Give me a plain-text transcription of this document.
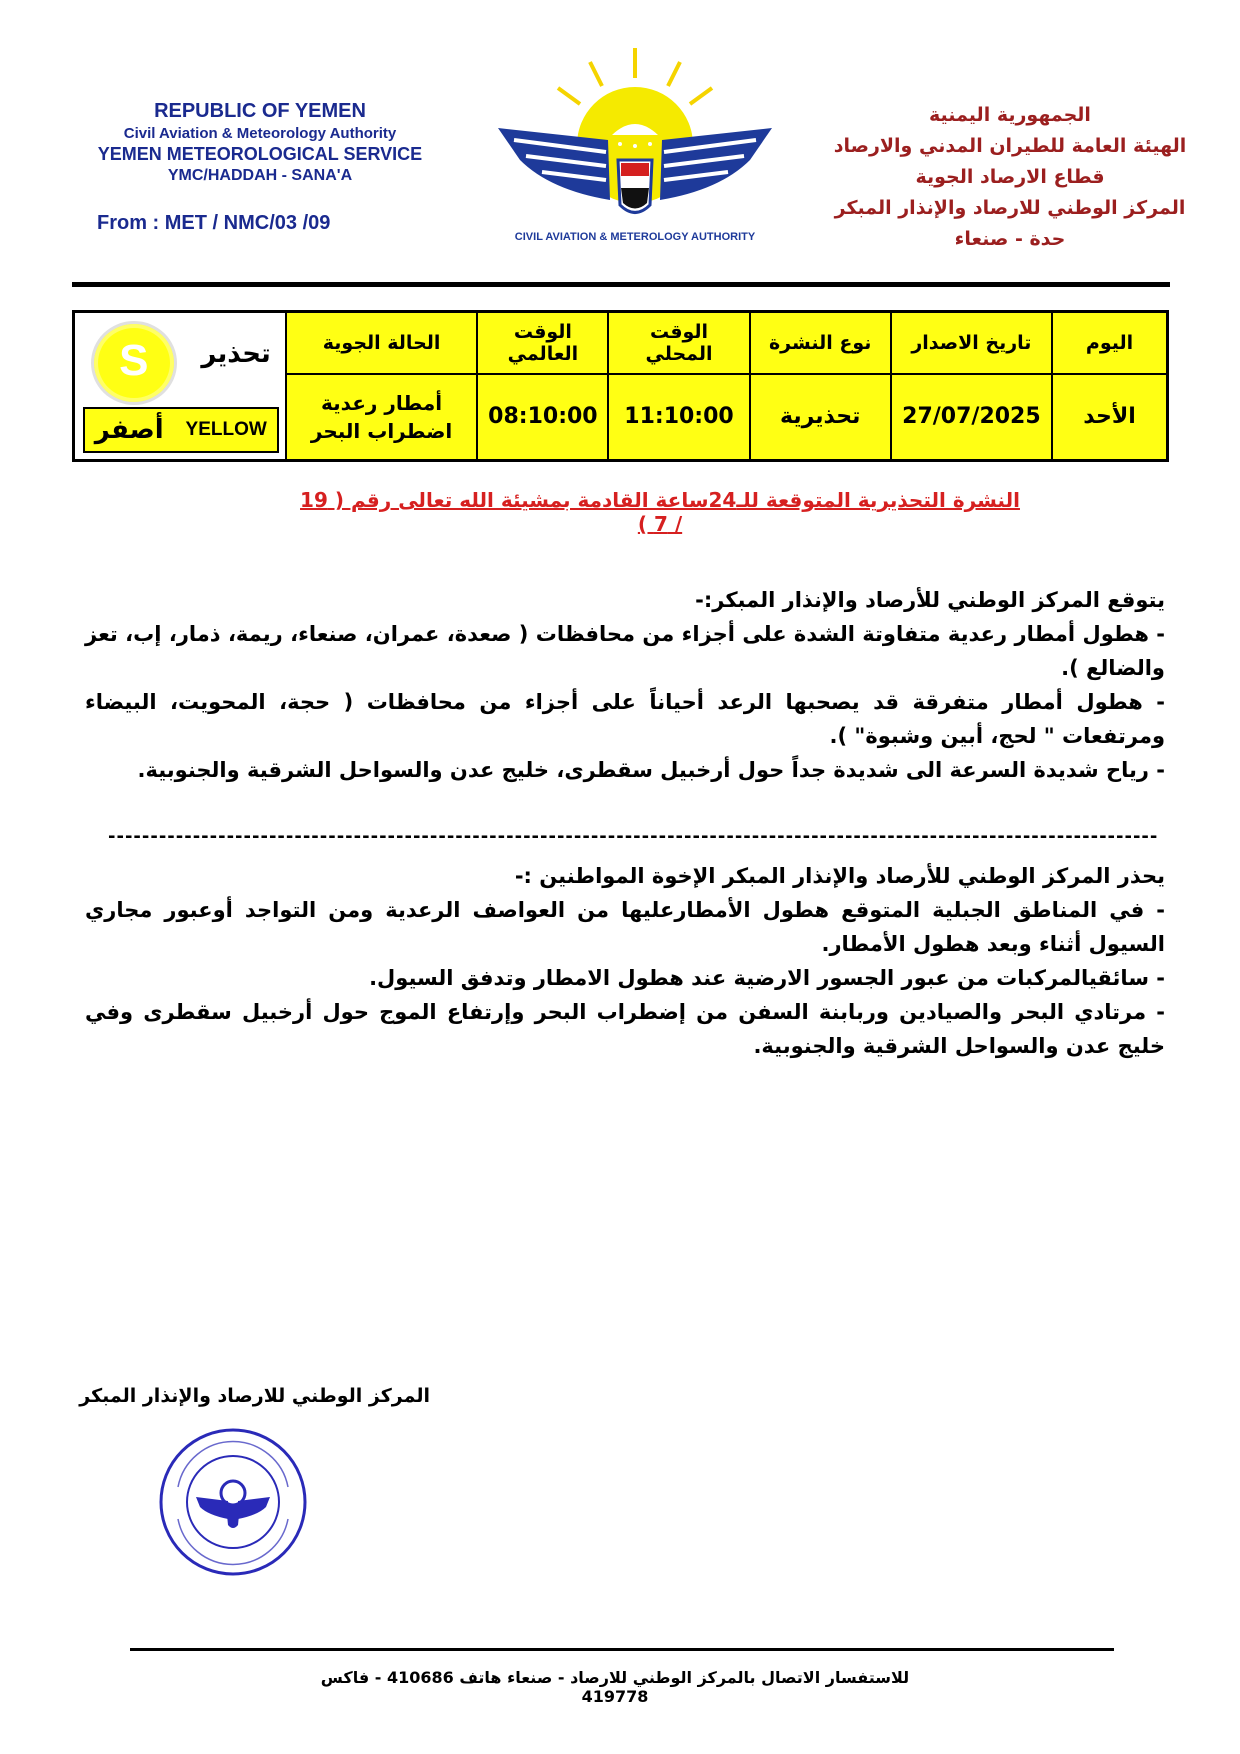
REPUBLIC OF YEMEN
Civil Aviation & Meteorology Authority
YEMEN METEOROLOGICAL SERVICE
YMC/HADDAH - SANA'A
From : MET / NMC/03 /09
CIVIL AVIATION & METEROLOGY AUTHORITY
الجمهورية اليمنية
الهيئة العامة للطيران المدني والارصاد
قطاع الارصاد الجوية
المركز الوطني للارصاد والإنذار المبكر
حدة - صنعاء
اليوم	تاريخ الاصدار	نوع النشرة	الوقت المحلي	الوقت العالمي	الحالة الجوية	تحذير
S
YELLOW
أصفر

الأحد	27/07/2025	تحذيرية	11:10:00	08:10:00	أمطار رعدية
اضطراب البحر	
النشرة التحذيرية المتوقعة للـ24ساعة القادمة بمشيئة الله تعالى رقم ( 19 / 7 )

يتوقع المركز الوطني للأرصاد والإنذار المبكر:-

- هطول أمطار رعدية متفاوتة الشدة على أجزاء من محافظات ( صعدة، عمران، صنعاء، ريمة، ذمار، إب، تعز والضالع ).

- هطول أمطار متفرقة قد يصحبها الرعد أحياناً على أجزاء من محافظات ( حجة، المحويت، البيضاء ومرتفعات " لحج، أبين وشبوة" ).

- رياح شديدة السرعة الى شديدة جداً حول أرخبيل سقطرى، خليج عدن والسواحل الشرقية والجنوبية.

----------------------------------------------------------------------------------------------------------------------------

يحذر المركز الوطني للأرصاد والإنذار المبكر الإخوة المواطنين :-

- في المناطق الجبلية المتوقع هطول الأمطارعليها من العواصف الرعدية ومن التواجد أوعبور مجاري السيول أثناء وبعد هطول الأمطار.

- سائقيالمركبات من عبور الجسور الارضية عند هطول الامطار وتدفق السيول.

- مرتادي البحر والصيادين وربابنة السفن من إضطراب البحر وإرتفاع الموج حول أرخبيل سقطرى وفي خليج عدن والسواحل الشرقية والجنوبية.

المركز الوطني للارصاد والإنذار المبكر
للاستفسار الاتصال بالمركز الوطني للارصاد - صنعاء هاتف 410686 - فاكس 419778
